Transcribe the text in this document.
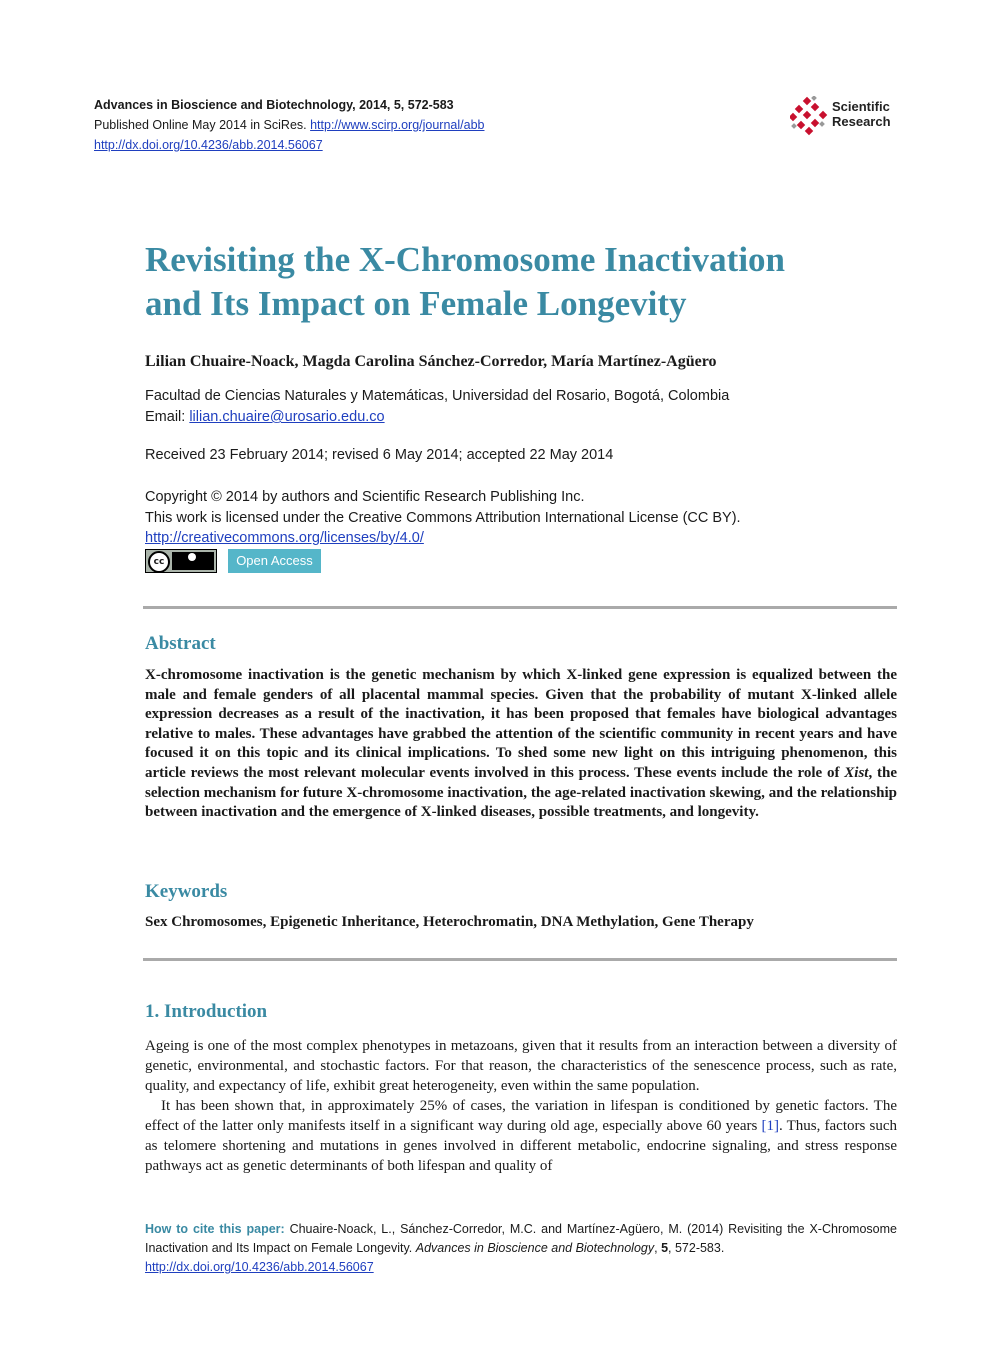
Advances in Bioscience and Biotechnology, 2014, 5, 572-583
Published Online May 2014 in SciRes. http://www.scirp.org/journal/abb
http://dx.doi.org/10.4236/abb.2014.56067
Scientific
Research
Revisiting the X-Chromosome Inactivation
and Its Impact on Female Longevity
Lilian Chuaire-Noack, Magda Carolina Sánchez-Corredor, María Martínez-Agüero
Facultad de Ciencias Naturales y Matemáticas, Universidad del Rosario, Bogotá, Colombia
Email: lilian.chuaire@urosario.edu.co
Received 23 February 2014; revised 6 May 2014; accepted 22 May 2014
Copyright © 2014 by authors and Scientific Research Publishing Inc.
This work is licensed under the Creative Commons Attribution International License (CC BY).
http://creativecommons.org/licenses/by/4.0/
cc	Open Access
Abstract
X-chromosome inactivation is the genetic mechanism by which X-linked gene expression is equalized between the male and female genders of all placental mammal species. Given that the probability of mutant X-linked allele expression decreases as a result of the inactivation, it has been proposed that females have biological advantages relative to males. These advantages have grabbed the attention of the scientific community in recent years and have focused it on this topic and its clinical implications. To shed some new light on this intriguing phenomenon, this article reviews the most relevant molecular events involved in this process. These events include the role of Xist, the selection mechanism for future X-chromosome inactivation, the age-related inactivation skewing, and the relationship between inactivation and the emergence of X-linked diseases, possible treatments, and longevity.
Keywords
Sex Chromosomes, Epigenetic Inheritance, Heterochromatin, DNA Methylation, Gene Therapy
1. Introduction

Ageing is one of the most complex phenotypes in metazoans, given that it results from an interaction between a diversity of genetic, environmental, and stochastic factors. For that reason, the characteristics of the senescence process, such as rate, quality, and expectancy of life, exhibit great heterogeneity, even within the same population.

It has been shown that, in approximately 25% of cases, the variation in lifespan is conditioned by genetic factors. The effect of the latter only manifests itself in a significant way during old age, especially above 60 years [1]. Thus, factors such as telomere shortening and mutations in genes involved in different metabolic, endocrine signaling, and stress response pathways act as genetic determinants of both lifespan and quality of

How to cite this paper: Chuaire-Noack, L., Sánchez-Corredor, M.C. and Martínez-Agüero, M. (2014) Revisiting the X-Chromosome Inactivation and Its Impact on Female Longevity. Advances in Bioscience and Biotechnology, 5, 572-583.
http://dx.doi.org/10.4236/abb.2014.56067
